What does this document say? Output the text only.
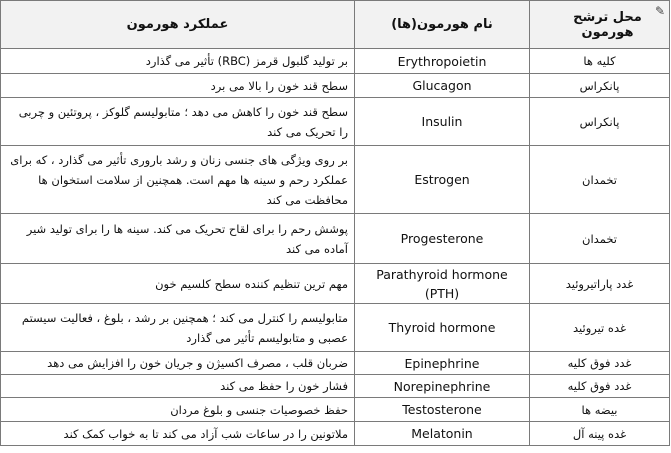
عملکرد هورمون	نام هورمون(ها)	محل ترشح هورمون
✎

بر تولید گلبول قرمز (RBC) تأثیر می گذارد	Erythropoietin	کلیه ها
سطح قند خون را بالا می برد	Glucagon	پانکراس
سطح قند خون را کاهش می دهد ؛ متابولیسم گلوکز ، پروتئین و چربی را تحریک می کند	Insulin	پانکراس
بر روی ویژگی های جنسی زنان و رشد باروری تأثیر می گذارد ، که برای عملکرد رحم و سینه ها مهم است. همچنین از سلامت استخوان ها محافظت می کند	Estrogen	تخمدان
پوشش رحم را برای لقاح تحریک می کند. سینه ها را برای تولید شیر آماده می کند	Progesterone	تخمدان
مهم ترین تنظیم کننده سطح کلسیم خون	Parathyroid hormone (PTH)	غدد پاراتیروئید
متابولیسم را کنترل می کند ؛ همچنین بر رشد ، بلوغ ، فعالیت سیستم عصبی و متابولیسم تأثیر می گذارد	Thyroid hormone	غده تیروئید
ضربان قلب ، مصرف اکسیژن و جریان خون را افزایش می دهد	Epinephrine	غدد فوق کلیه
فشار خون را حفظ می کند	Norepinephrine	غدد فوق کلیه
حفظ خصوصیات جنسی و بلوغ مردان	Testosterone	بیضه ها
ملاتونین را در ساعات شب آزاد می کند تا به خواب کمک کند	Melatonin	غده پینه آل
